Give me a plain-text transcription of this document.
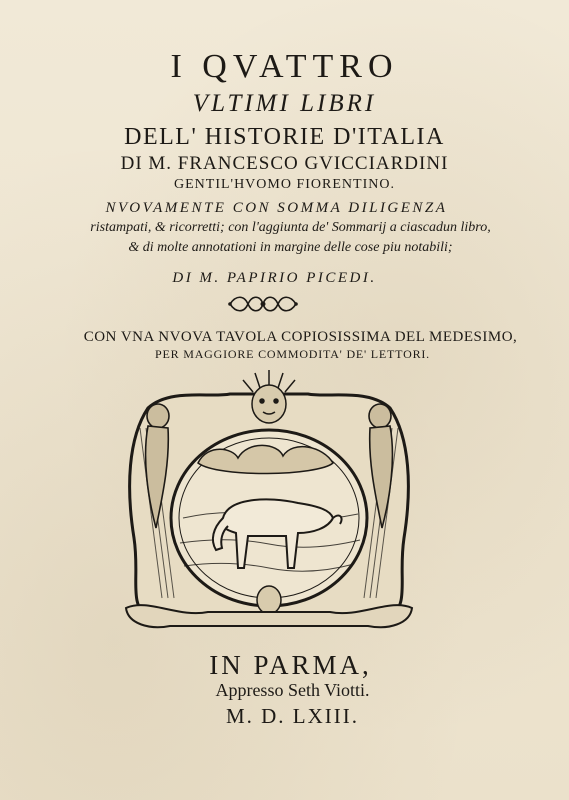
I QVATTRO
VLTIMI LIBRI
DELL' HISTORIE D'ITALIA
DI M. FRANCESCO GVICCIARDINI
GENTIL'HVOMO FIORENTINO.
NVOVAMENTE CON SOMMA DILIGENZA
ristampati, & ricorretti; con l'aggiunta de' Sommarij a ciascadun libro,
& di molte annotationi in margine delle cose piu notabili;
DI M. PAPIRIO PICEDI.
CON VNA NVOVA TAVOLA COPIOSISSIMA DEL MEDESIMO,
PER MAGGIORE COMMODITA' DE' LETTORI.
IN PARMA,
Appresso Seth Viotti.
M. D. LXIII.
